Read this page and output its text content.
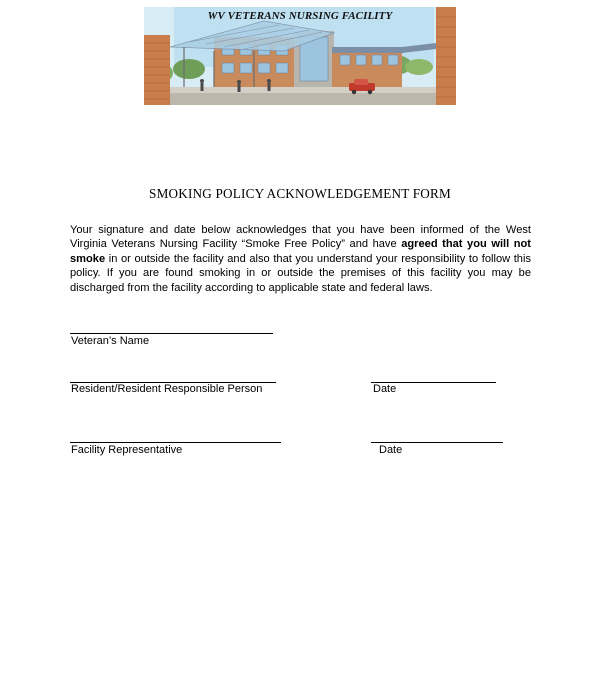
WV VETERANS NURSING FACILITY
SMOKING POLICY ACKNOWLEDGEMENT FORM
Your signature and date below acknowledges that you have been informed of the West Virginia Veterans Nursing Facility “Smoke Free Policy” and have agreed that you will not smoke in or outside the facility and also that you understand your responsibility to follow this policy. If you are found smoking in or outside the premises of this facility you may be discharged from the facility according to applicable state and federal laws.
Veteran’s Name
Resident/Resident Responsible Person	Date
Facility Representative	Date
